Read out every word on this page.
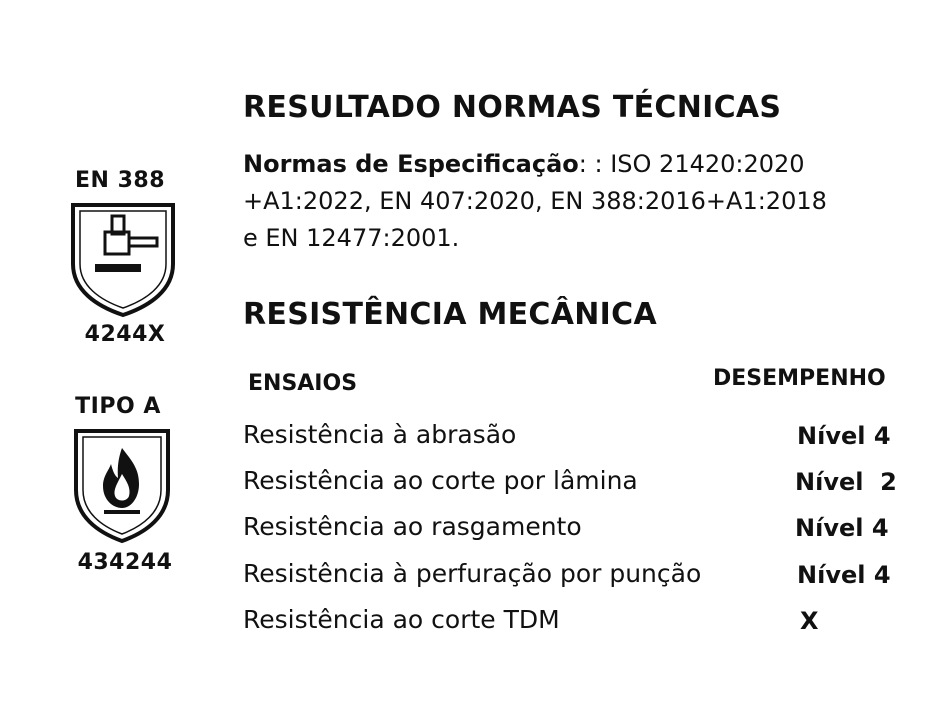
EN 388
4244X
TIPO A
434244
RESULTADO NORMAS TÉCNICAS
Normas de Especificação: : ISO 21420:2020
+A1:2022, EN 407:2020, EN 388:2016+A1:2018
e EN 12477:2001.
RESISTÊNCIA MECÂNICA
ENSAIOS	DESEMPENHO
Resistência à abrasão	Nível 4
Resistência ao corte por lâmina	Nível  2
Resistência ao rasgamento	Nível 4
Resistência à perfuração por punção	Nível 4
Resistência ao corte TDM	X
